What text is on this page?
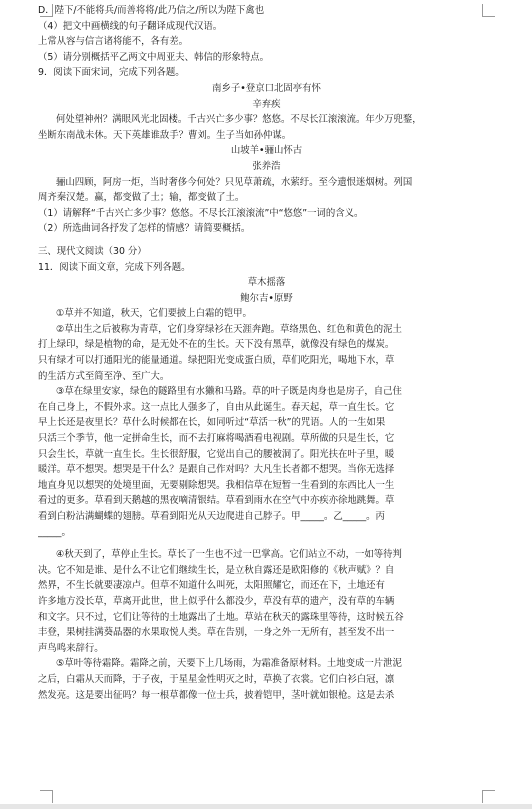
D．陛下/不能将兵/而善将将/此乃信之/所以为陛下禽也
（4）把文中画横线的句子翻译成现代汉语。
上常从容与信言诸将能不，各有差。
（5）请分别概括平乙两文中周亚夫、韩信的形象特点。
9．阅读下面宋词，完成下列各题。
南乡子•登京口北固亭有怀
辛弃疾
何处望神州？满眼风光北固楼。千古兴亡多少事？悠悠。不尽长江滚滚流。年少万兜鍪，
坐断东南战未休。天下英雄谁敌手？曹刘。生子当如孙仲谋。
山坡羊•骊山怀古
张养浩
骊山四顾，阿房一炬，当时奢侈今何处？只见草萧疏，水萦纡。至今遗恨迷烟树。列国
周齐秦汉楚。赢，都变做了土；输，都变做了土。
（1）请解释“千古兴亡多少事？悠悠。不尽长江滚滚流”中“悠悠”一词的含义。
（2）所选曲词各抒发了怎样的情感？请简要概括。
三、现代文阅读（30 分）
11．阅读下面文章，完成下列各题。
草木摇落
鲍尔吉•原野
①草并不知道，秋天，它们要披上白霜的铠甲。
②草出生之后被称为青草，它们身穿绿衫在天涯奔跑。草络黑色、红色和黄色的泥土
打上绿印，绿是植物的命，是无处不在的生长。天下没有黑草，就像没有绿色的煤炭。
只有绿才可以打通阳光的能量通道。绿把阳光变成蛋白质，草们吃阳光，喝地下水，草
的生活方式至简至净、至广大。
③草在绿里安家，绿色的隧路里有水獭和马路。草的叶子既是肉身也是房子，自己住
在自己身上，不假外求。这一点比人强多了，自由从此诞生。春天起，草一直生长。它
早上长还是夜里长？草什么时候都在长，如同听过“草活一秋”的咒语。人的一生如果
只活三个季节，他一定拼命生长，而不去打麻将喝酒看电视剧。草所做的只是生长，它
只会生长，草就一直生长。生长很舒服，它觉出自己的腰被洞了。阳光扶在叶子里，暖
暖洋。草不想哭。想哭是干什么？是跟自己作对吗？大凡生长者都不想哭。当你无选择
地直身见以想哭的处境里面，无要剔除想哭。我相信草在短暂一生看到的东西比人一生
看过的更多。草看到天鹅越的黑夜嘀清银结。草看到雨水在空气中亦疾亦徐地跳舞。草
看到白粉沾满蝴蝶的翅膀。草看到阳光从天边爬进自己脖子。甲_____。乙_____。丙
_____。
④秋天到了，草停止生长。草长了一生也不过一巴掌高。它们站立不动，一如等待判
决。它不知是谁、是什么不让它们继续生长，是立秋自露还是欧阳修的《秋声赋》？自
然界，不生长就要凄凉卢。但草不知道什么叫死，太阳照耀它，而还在下，土地还有
许多地方没长草，草离开此世，世上似乎什么都没少，草没有草的遗产，没有草的车辆
和文字。只不过，它们让等待的土地露出了土地。草站在秋天的露珠里等待，这时候五谷
丰登，果树挂满葵晶器的水果取悦人类。草在告别，一身之外一无所有，甚至发不出一
声鸟鸣来辞行。
⑤草叶等待霜降。霜降之前，天要下上几场雨，为霜准备原材料。土地变成一片泄泥
之后，白霜从天而降，于子夜，于星星金性明灭之时，草换了衣裳。它们白衫白冠，凛
然发亮。这是要出征吗？每一根草都像一位士兵，披着铠甲，茎叶就如银枪。这是去杀
